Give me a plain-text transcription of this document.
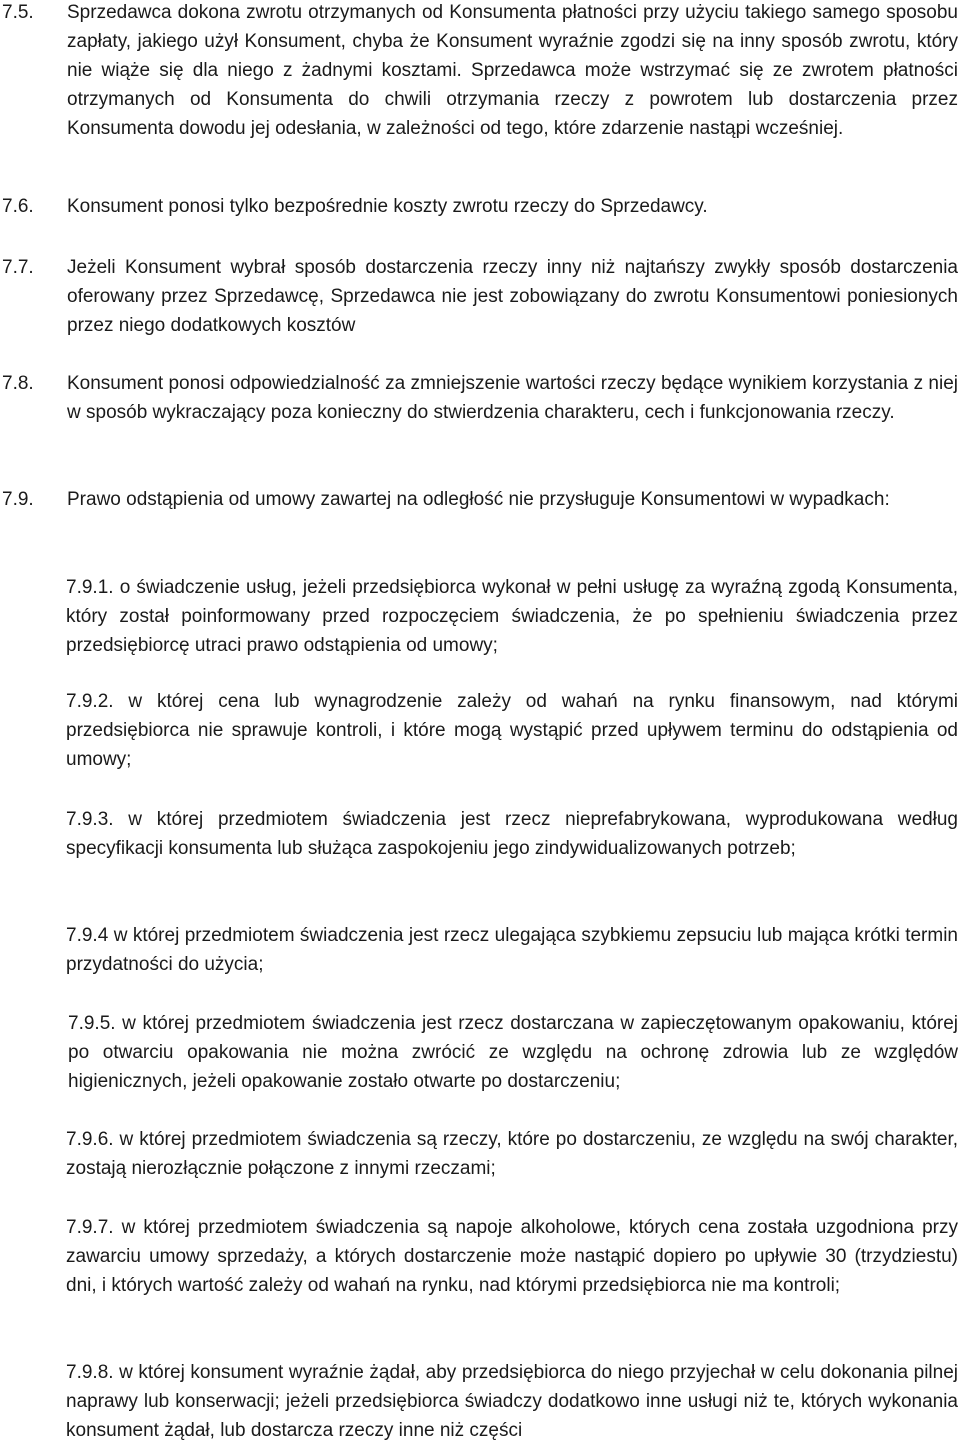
7.5. Sprzedawca dokona zwrotu otrzymanych od Konsumenta płatności przy użyciu takiego samego sposobu zapłaty, jakiego użył Konsument, chyba że Konsument wyraźnie zgodzi się na inny sposób zwrotu, który nie wiąże się dla niego z żadnymi kosztami. Sprzedawca może wstrzymać się ze zwrotem płatności otrzymanych od Konsumenta do chwili otrzymania rzeczy z powrotem lub dostarczenia przez Konsumenta dowodu jej odesłania, w zależności od tego, które zdarzenie nastąpi wcześniej.
7.6. Konsument ponosi tylko bezpośrednie koszty zwrotu rzeczy do Sprzedawcy.
7.7. Jeżeli Konsument wybrał sposób dostarczenia rzeczy inny niż najtańszy zwykły sposób dostarczenia oferowany przez Sprzedawcę, Sprzedawca nie jest zobowiązany do zwrotu Konsumentowi poniesionych przez niego dodatkowych kosztów
7.8. Konsument ponosi odpowiedzialność za zmniejszenie wartości rzeczy będące wynikiem korzystania z niej w sposób wykraczający poza konieczny do stwierdzenia charakteru, cech i funkcjonowania rzeczy.
7.9. Prawo odstąpienia od umowy zawartej na odległość nie przysługuje Konsumentowi w wypadkach:
7.9.1. o świadczenie usług, jeżeli przedsiębiorca wykonał w pełni usługę za wyraźną zgodą Konsumenta, który został poinformowany przed rozpoczęciem świadczenia, że po spełnieniu świadczenia przez przedsiębiorcę utraci prawo odstąpienia od umowy;
7.9.2. w której cena lub wynagrodzenie zależy od wahań na rynku finansowym, nad którymi przedsiębiorca nie sprawuje kontroli, i które mogą wystąpić przed upływem terminu do odstąpienia od umowy;
7.9.3. w której przedmiotem świadczenia jest rzecz nieprefabrykowana, wyprodukowana według specyfikacji konsumenta lub służąca zaspokojeniu jego zindywidualizowanych potrzeb;
7.9.4 w której przedmiotem świadczenia jest rzecz ulegająca szybkiemu zepsuciu lub mająca krótki termin przydatności do użycia;
7.9.5. w której przedmiotem świadczenia jest rzecz dostarczana w zapieczętowanym opakowaniu, której po otwarciu opakowania nie można zwrócić ze względu na ochronę zdrowia lub ze względów higienicznych, jeżeli opakowanie zostało otwarte po dostarczeniu;
7.9.6. w której przedmiotem świadczenia są rzeczy, które po dostarczeniu, ze względu na swój charakter, zostają nierozłącznie połączone z innymi rzeczami;
7.9.7. w której przedmiotem świadczenia są napoje alkoholowe, których cena została uzgodniona przy zawarciu umowy sprzedaży, a których dostarczenie może nastąpić dopiero po upływie 30 (trzydziestu) dni, i których wartość zależy od wahań na rynku, nad którymi przedsiębiorca nie ma kontroli;
7.9.8. w której konsument wyraźnie żądał, aby przedsiębiorca do niego przyjechał w celu dokonania pilnej naprawy lub konserwacji; jeżeli przedsiębiorca świadczy dodatkowo inne usługi niż te, których wykonania konsument żądał, lub dostarcza rzeczy inne niż części
